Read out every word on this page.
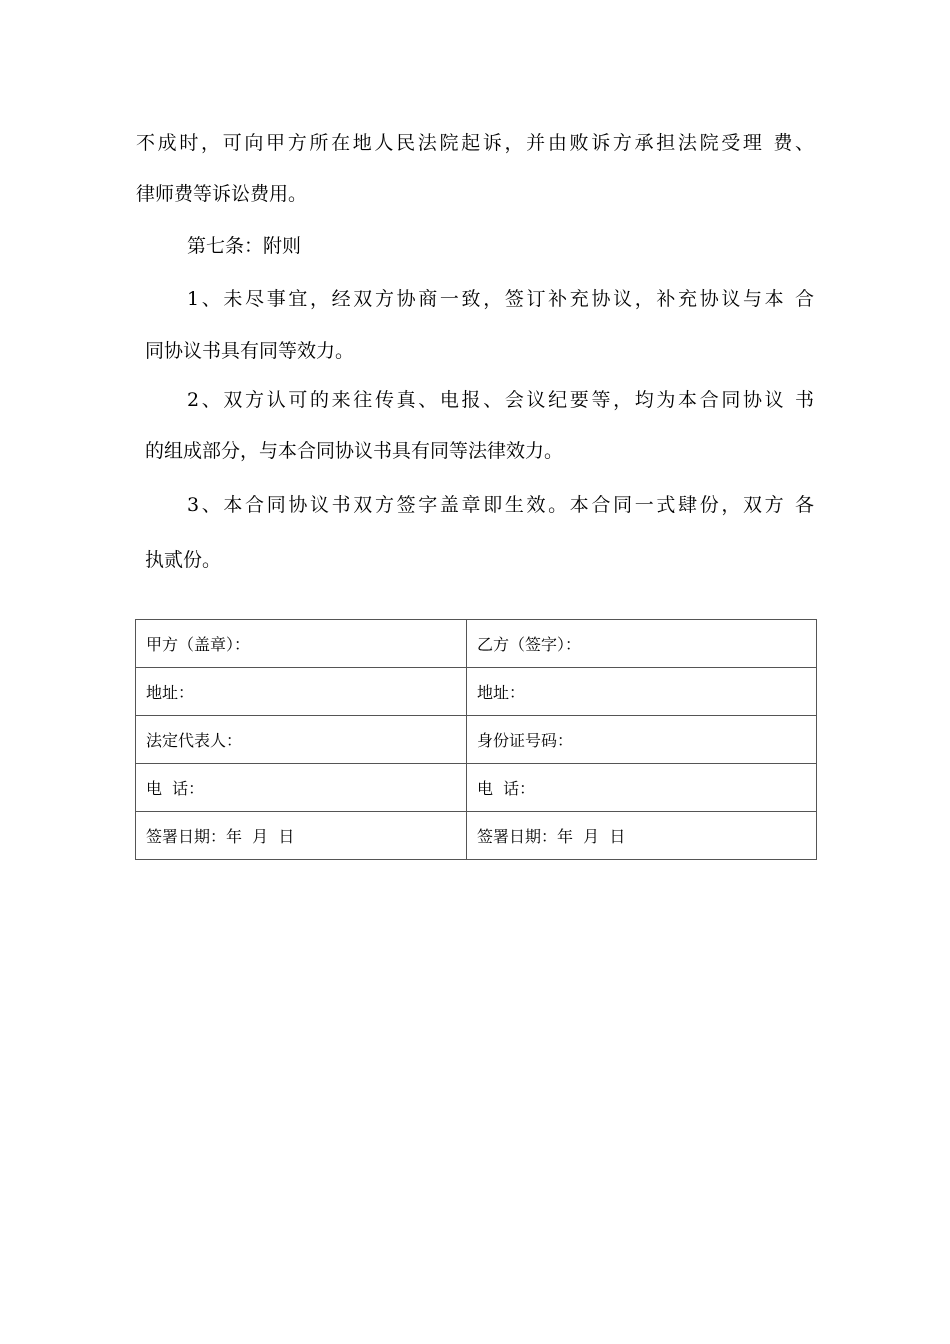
不成时，可向甲方所在地人民法院起诉，并由败诉方承担法院受理 费、

律师费等诉讼费用。

第七条：附则

1、未尽事宜，经双方协商一致，签订补充协议，补充协议与本 合

同协议书具有同等效力。

2、双方认可的来往传真、电报、会议纪要等，均为本合同协议 书

的组成部分，与本合同协议书具有同等法律效力。

3、本合同协议书双方签字盖章即生效。本合同一式肆份，双方 各

执贰份。

甲方（盖章）：	乙方（签字）：
地址：	地址：
法定代表人：	身份证号码：
电  话：	电  话：
签署日期：年  月  日	签署日期：年  月  日
